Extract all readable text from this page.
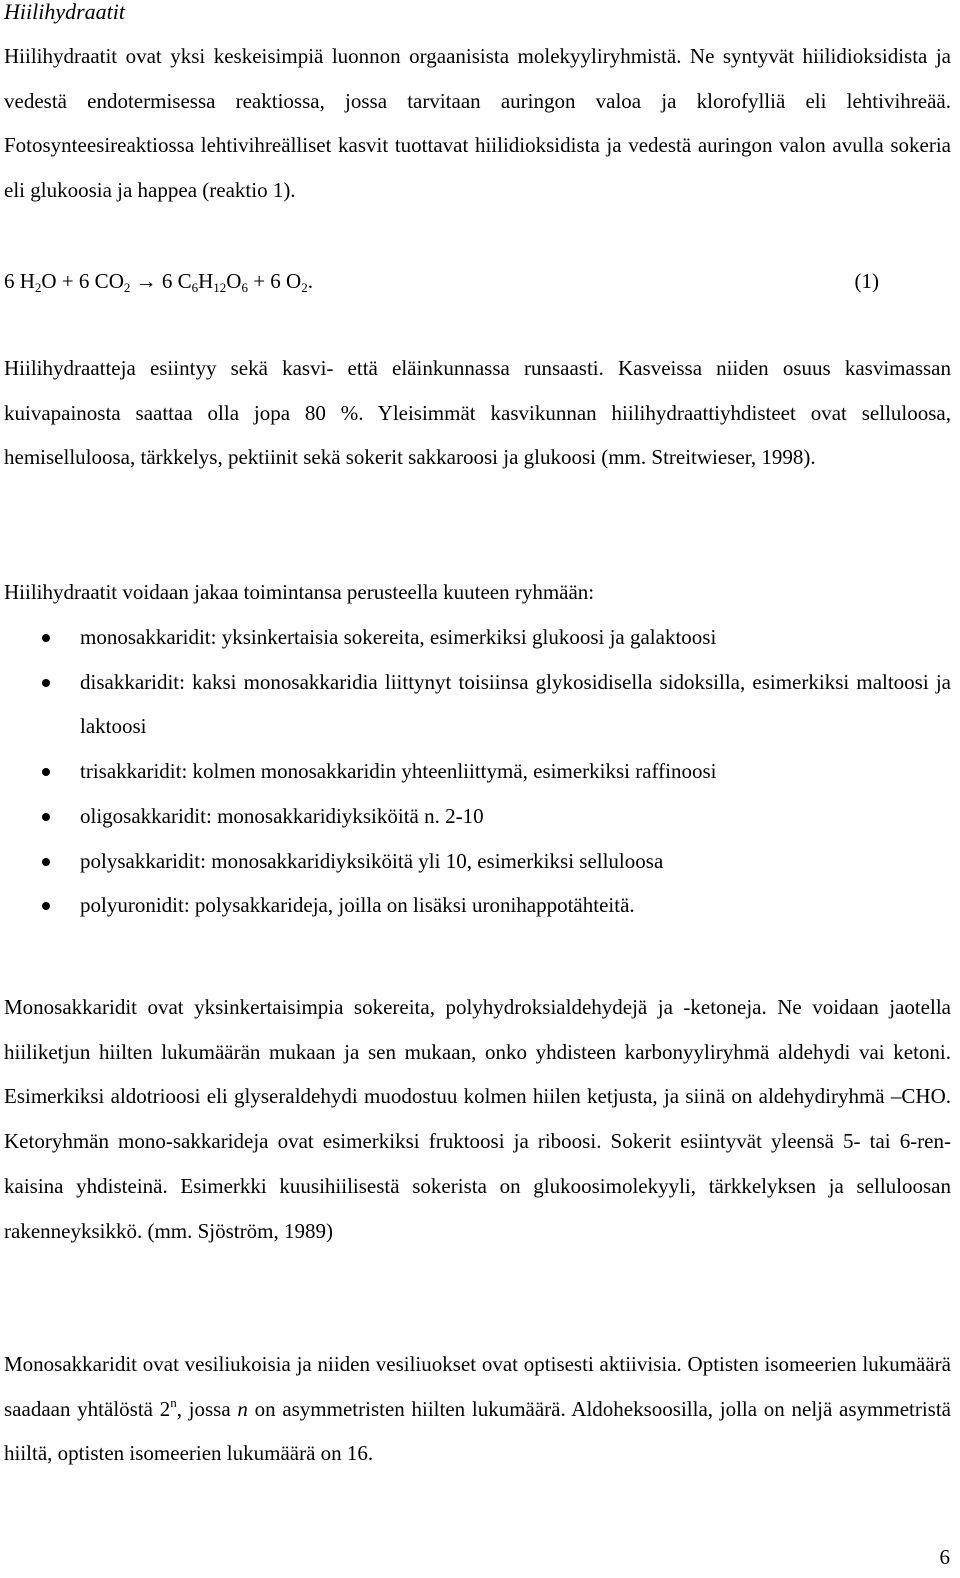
Hiilihydraatit

Hiilihydraatit ovat yksi keskeisimpiä luonnon orgaanisista molekyyliryhmistä. Ne syntyvät hiilidioksidista ja vedestä endotermisessa reaktiossa, jossa tarvitaan auringon valoa ja klorofylliä eli lehtivihreää. Fotosynteesireaktiossa lehtivihreälliset kasvit tuottavat hiilidioksidista ja vedestä auringon valon avulla sokeria eli glukoosia ja happea (reaktio 1).

6 $H_2O + 6$ $CO_2 \to 6$ $C_6H_{12}O_6 + 6$ $O_2$.	(1)

Hiilihydraatteja esiintyy sekä kasvi- että eläinkunnassa runsaasti. Kasveissa niiden osuus kasvimassan kuivapainosta saattaa olla jopa 80 %. Yleisimmät kasvikunnan hiilihydraattiyhdisteet ovat selluloosa, hemiselluloosa, tärkkelys, pektiinit sekä sokerit sakkaroosi ja glukoosi (mm. Streitwieser, 1998).

Hiilihydraatit voidaan jakaa toimintansa perusteella kuuteen ryhmään:

monosakkaridit: yksinkertaisia sokereita, esimerkiksi glukoosi ja galaktoosi
disakkaridit: kaksi monosakkaridia liittynyt toisiinsa glykosidisella sidoksilla, esimerkiksi maltoosi ja laktoosi
trisakkaridit: kolmen monosakkaridin yhteenliittymä, esimerkiksi raffinoosi
oligosakkaridit: monosakkaridiyksiköitä n. 2-10
polysakkaridit: monosakkaridiyksiköitä yli 10, esimerkiksi selluloosa
polyuronidit: polysakkarideja, joilla on lisäksi uronihappotähteitä.

Monosakkaridit ovat yksinkertaisimpia sokereita, polyhydroksialdehydejä ja -ketoneja. Ne voidaan jaotella hiiliketjun hiilten lukumäärän mukaan ja sen mukaan, onko yhdisteen karbonyyliryhmä aldehydi vai ketoni. Esimerkiksi aldotrioosi eli glyseraldehydi muodostuu kolmen hiilen ketjusta, ja siinä on aldehydiryhmä –CHO. Ketoryhmän mono-sakkarideja ovat esimerkiksi fruktoosi ja riboosi. Sokerit esiintyvät yleensä 5- tai 6-ren-kaisina yhdisteinä. Esimerkki kuusihiilisestä sokerista on glukoosimolekyyli, tärkkelyksen ja selluloosan rakenneyksikkö. (mm. Sjöström, 1989)

Monosakkaridit ovat vesiliukoisia ja niiden vesiliuokset ovat optisesti aktiivisia. Optisten isomeerien lukumäärä saadaan yhtälöstä 2$^n$, jossa n on asymmetristen hiilten lukumäärä. Aldoheksoosilla, jolla on neljä asymmetristä hiiltä, optisten isomeerien lukumäärä on 16.

6
